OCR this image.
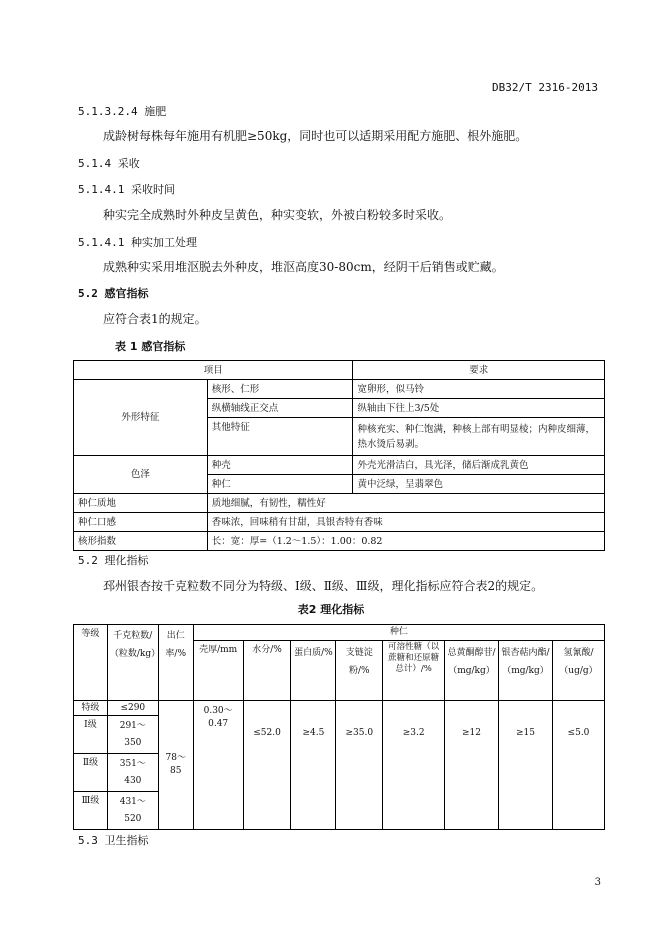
DB32/T 2316-2013
5.1.3.2.4 施肥
成龄树每株每年施用有机肥≥50kg，同时也可以适期采用配方施肥、根外施肥。
5.1.4 采收
5.1.4.1 采收时间
种实完全成熟时外种皮呈黄色，种实变软，外被白粉较多时采收。
5.1.4.1 种实加工处理
成熟种实采用堆沤脱去外种皮，堆沤高度30-80cm，经阴干后销售或贮藏。
5.2 感官指标
应符合表1的规定。
表 1 感官指标
项目		要求
外形特征	核形、仁形	宽卵形，似马铃
	纵横轴线正交点	纵轴由下往上3/5处
	其他特征	种核充实、种仁饱满，种核上部有明显棱；内种皮细薄，热水烫后易剥。
色泽	种壳	外壳光滑洁白，具光泽，储后渐成乳黄色
	种仁	黄中泛绿，呈翡翠色
种仁质地	质地细腻，有韧性，糯性好	
种仁口感	香味浓，回味稍有甘甜，具银杏特有香味	
核形指数	长：宽：厚=（1.2～1.5）：1.00：0.82	
5.2 理化指标
邳州银杏按千克粒数不同分为特级、Ⅰ级、Ⅱ级、Ⅲ级，理化指标应符合表2的规定。
表2 理化指标
等级	千克粒数/（粒数/kg）	出仁率/%	种仁							
			壳厚/mm	水分/%	蛋白质/%	支链淀粉/%	可溶性糖（以蔗糖和还原糖总计）/%	总黄酮醇苷/（mg/kg）	银杏萜内酯/（mg/kg）	氢氰酸/（ug/g）
特级	≤290	78～85	0.30～0.47	≤52.0	≥4.5	≥35.0	≥3.2	≥12	≥15	≤5.0
Ⅰ级	291～350									
Ⅱ级	351～430									
Ⅲ级	431～520									
5.3 卫生指标
3
